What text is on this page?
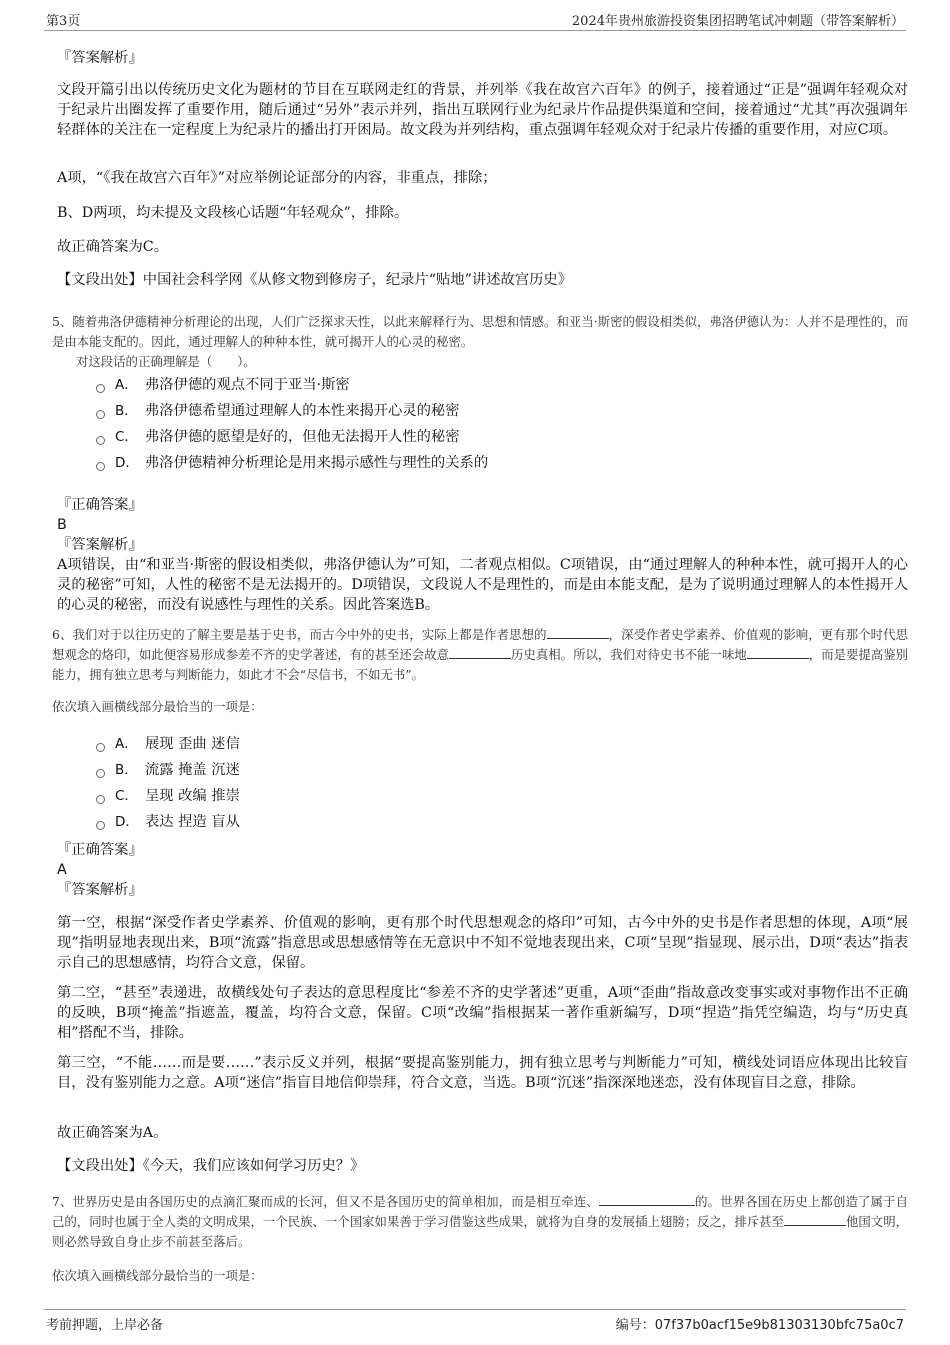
第3页	2024年贵州旅游投资集团招聘笔试冲刺题（带答案解析）

『答案解析』

文段开篇引出以传统历史文化为题材的节目在互联网走红的背景，并列举《我在故宫六百年》的例子，接着通过“正是”强调年轻观众对于纪录片出圈发挥了重要作用，随后通过“另外”表示并列，指出互联网行业为纪录片作品提供渠道和空间，接着通过“尤其”再次强调年轻群体的关注在一定程度上为纪录片的播出打开困局。故文段为并列结构，重点强调年轻观众对于纪录片传播的重要作用，对应C项。

A项，“《我在故宫六百年》”对应举例论证部分的内容，非重点，排除；

B、D两项，均未提及文段核心话题“年轻观众”，排除。

故正确答案为C。

【文段出处】中国社会科学网《从修文物到修房子，纪录片“贴地”讲述故宫历史》

5、随着弗洛伊德精神分析理论的出现，人们广泛探求天性，以此来解释行为、思想和情感。和亚当·斯密的假设相类似，弗洛伊德认为：人并不是理性的，而是由本能支配的。因此，通过理解人的种种本性，就可揭开人的心灵的秘密。

对这段话的正确理解是（　　）。

A． 弗洛伊德的观点不同于亚当·斯密
B． 弗洛伊德希望通过理解人的本性来揭开心灵的秘密
C． 弗洛伊德的愿望是好的，但他无法揭开人性的秘密
D． 弗洛伊德精神分析理论是用来揭示感性与理性的关系的

『正确答案』

B

『答案解析』

A项错误，由“和亚当·斯密的假设相类似，弗洛伊德认为”可知，二者观点相似。C项错误，由“通过理解人的种种本性，就可揭开人的心灵的秘密”可知，人性的秘密不是无法揭开的。D项错误，文段说人不是理性的，而是由本能支配，是为了说明通过理解人的本性揭开人的心灵的秘密，而没有说感性与理性的关系。因此答案选B。

6、我们对于以往历史的了解主要是基于史书，而古今中外的史书，实际上都是作者思想的	，深受作者史学素养、价值观的影响，更有那个时代思想观念的烙印，如此便容易形成参差不齐的史学著述，有的甚至还会故意	历史真相。所以，我们对待史书不能一味地	，而是要提高鉴别能力，拥有独立思考与判断能力，如此才不会“尽信书，不如无书”。

依次填入画横线部分最恰当的一项是：

A． 展现 歪曲 迷信
B． 流露 掩盖 沉迷
C． 呈现 改编 推崇
D． 表达 捏造 盲从

『正确答案』

A

『答案解析』

第一空，根据“深受作者史学素养、价值观的影响，更有那个时代思想观念的烙印”可知，古今中外的史书是作者思想的体现，A项“展现”指明显地表现出来，B项“流露”指意思或思想感情等在无意识中不知不觉地表现出来，C项“呈现”指显现、展示出，D项“表达”指表示自己的思想感情，均符合文意，保留。

第二空，“甚至”表递进，故横线处句子表达的意思程度比“参差不齐的史学著述”更重，A项“歪曲”指故意改变事实或对事物作出不正确的反映，B项“掩盖”指遮盖，覆盖，均符合文意，保留。C项“改编”指根据某一著作重新编写，D项“捏造”指凭空编造，均与“历史真相”搭配不当，排除。

第三空，“不能……而是要……”表示反义并列，根据“要提高鉴别能力，拥有独立思考与判断能力”可知，横线处词语应体现出比较盲目，没有鉴别能力之意。A项“迷信”指盲目地信仰崇拜，符合文意，当选。B项“沉迷”指深深地迷恋，没有体现盲目之意，排除。

故正确答案为A。

【文段出处】《今天，我们应该如何学习历史？》

7、世界历史是由各国历史的点滴汇聚而成的长河，但又不是各国历史的简单相加，而是相互牵连、	的。世界各国在历史上都创造了属于自己的，同时也属于全人类的文明成果，一个民族、一个国家如果善于学习借鉴这些成果，就将为自身的发展插上翅膀；反之，排斥甚至	他国文明，则必然导致自身止步不前甚至落后。

依次填入画横线部分最恰当的一项是：

考前押题，上岸必备	编号：07f37b0acf15e9b81303130bfc75a0c7
